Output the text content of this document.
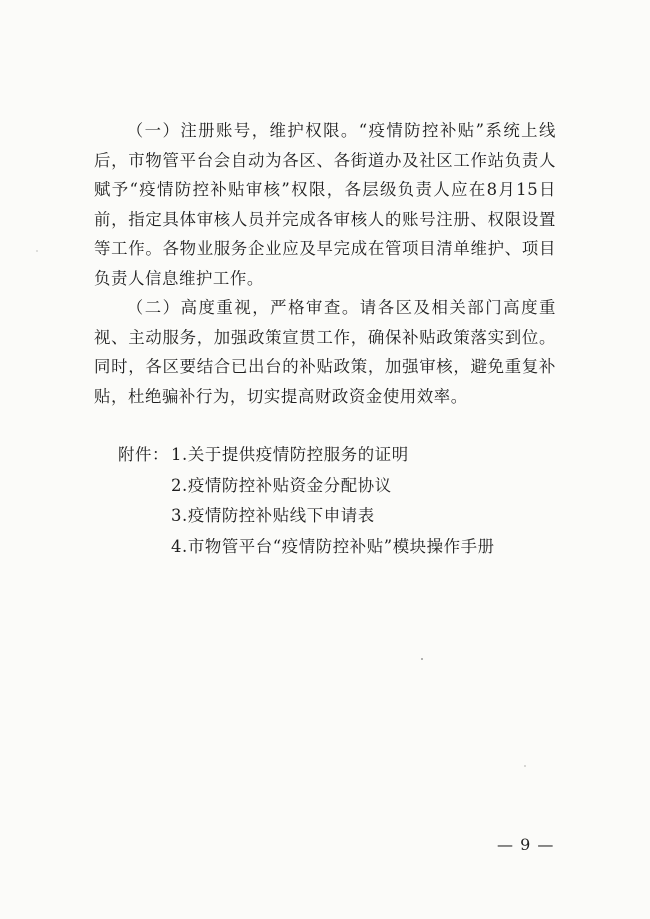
（一）注册账号，维护权限。“疫情防控补贴”系统上线后，市物管平台会自动为各区、各街道办及社区工作站负责人赋予“疫情防控补贴审核”权限，各层级负责人应在8月15日前，指定具体审核人员并完成各审核人的账号注册、权限设置等工作。各物业服务企业应及早完成在管项目清单维护、项目负责人信息维护工作。

（二）高度重视，严格审查。请各区及相关部门高度重视、主动服务，加强政策宣贯工作，确保补贴政策落实到位。同时，各区要结合已出台的补贴政策，加强审核，避免重复补贴，杜绝骗补行为，切实提高财政资金使用效率。

附件： 1.关于提供疫情防控服务的证明
2.疫情防控补贴资金分配协议
3.疫情防控补贴线下申请表
4.市物管平台“疫情防控补贴”模块操作手册
— 9 —
